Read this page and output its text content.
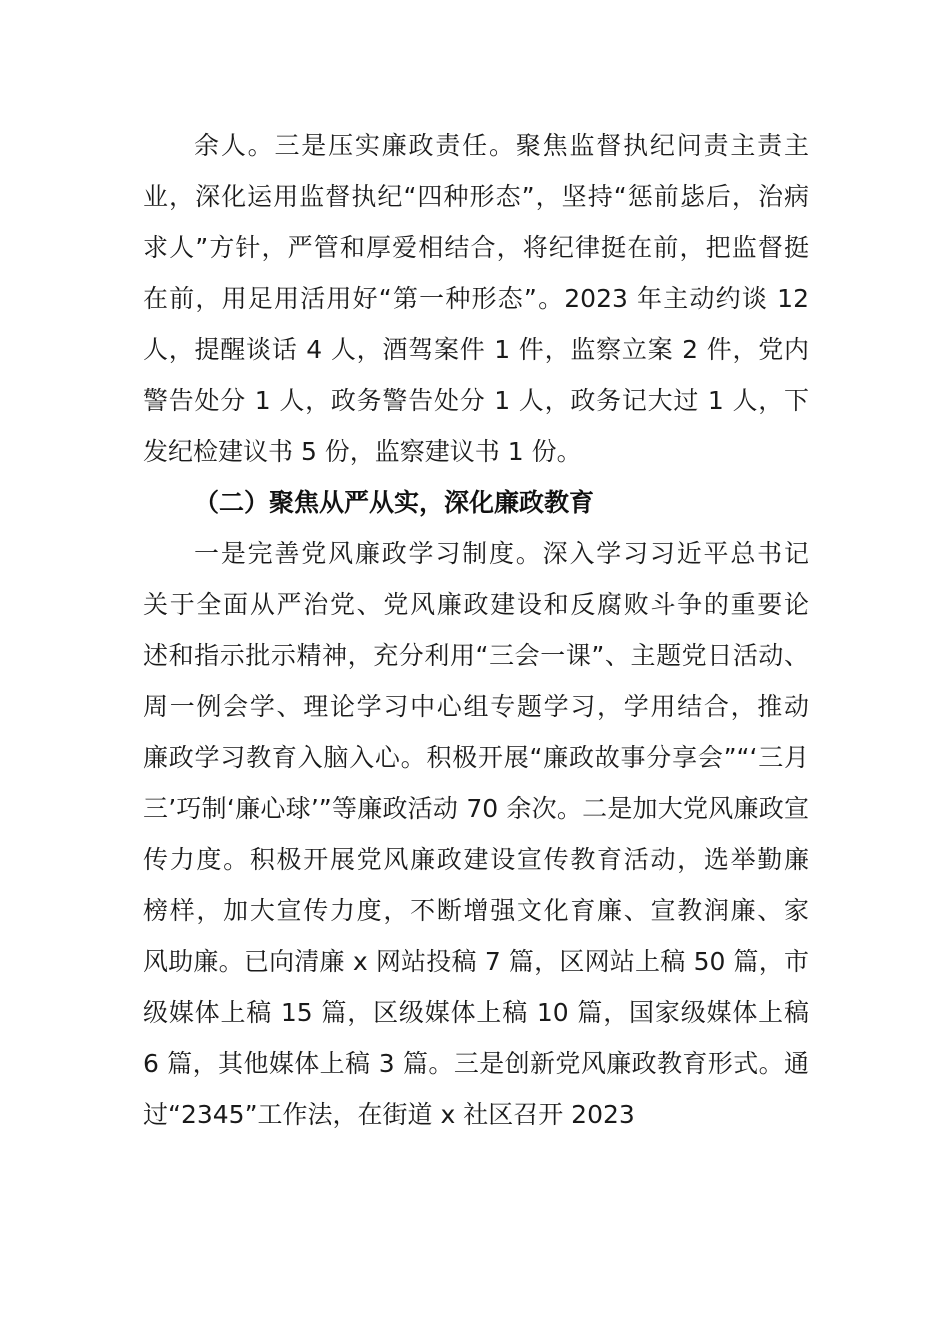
余人。三是压实廉政责任。聚焦监督执纪问责主责主
业，深化运用监督执纪“四种形态”，坚持“惩前毖后，治病
求人”方针，严管和厚爱相结合，将纪律挺在前，把监督挺
在前，用足用活用好“第一种形态”。2023 年主动约谈 12
人，提醒谈话 4 人，酒驾案件 1 件，监察立案 2 件，党内
警告处分 1 人，政务警告处分 1 人，政务记大过 1 人，下
发纪检建议书 5 份，监察建议书 1 份。
（二）聚焦从严从实，深化廉政教育
一是完善党风廉政学习制度。深入学习习近平总书记
关于全面从严治党、党风廉政建设和反腐败斗争的重要论
述和指示批示精神，充分利用“三会一课”、主题党日活动、
周一例会学、理论学习中心组专题学习，学用结合，推动
廉政学习教育入脑入心。积极开展“廉政故事分享会”“‘三月
三’巧制‘廉心球’”等廉政活动 70 余次。二是加大党风廉政宣
传力度。积极开展党风廉政建设宣传教育活动，选举勤廉
榜样，加大宣传力度，不断增强文化育廉、宣教润廉、家
风助廉。已向清廉 x 网站投稿 7 篇，区网站上稿 50 篇，市
级媒体上稿 15 篇，区级媒体上稿 10 篇，国家级媒体上稿
6 篇，其他媒体上稿 3 篇。三是创新党风廉政教育形式。通
过“2345”工作法，在街道 x 社区召开 2023
